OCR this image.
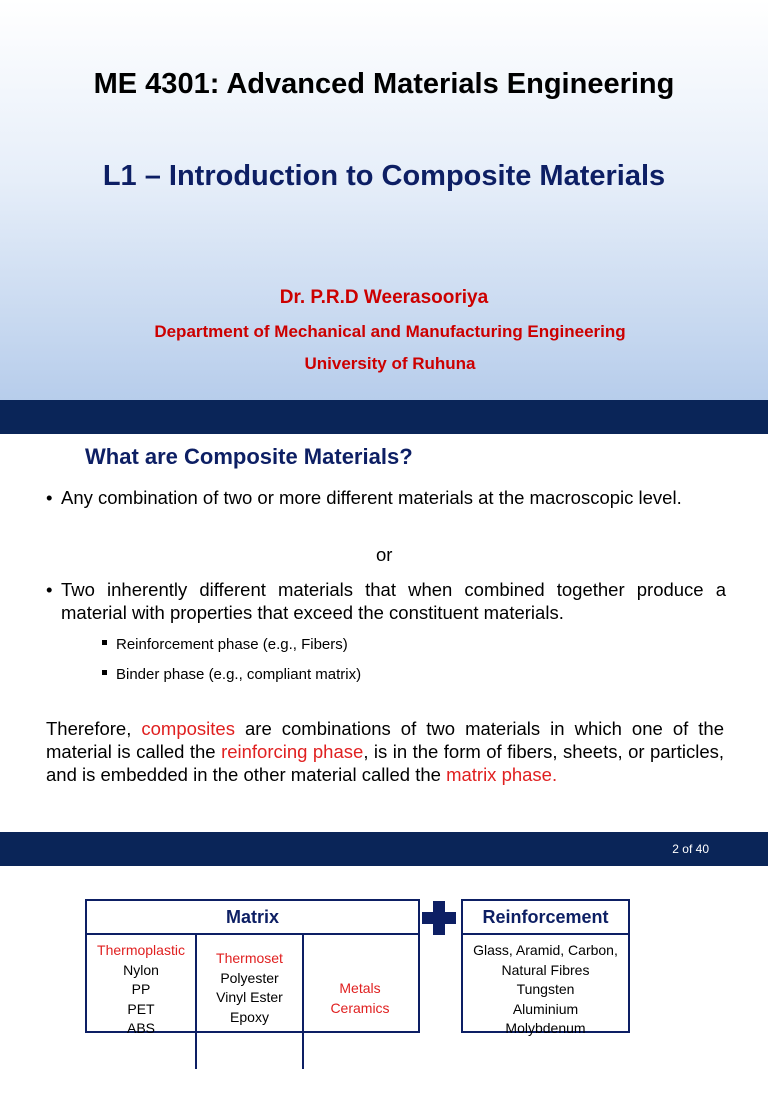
ME 4301: Advanced Materials Engineering
L1 – Introduction to Composite Materials
Dr. P.R.D Weerasooriya
Department of Mechanical and Manufacturing Engineering
University of Ruhuna
What are Composite Materials?
• Any combination of two or more different materials at the macroscopic level.
or
• Two inherently different materials that when combined together produce a material with properties that exceed the constituent materials.
Reinforcement phase (e.g., Fibers)
Binder phase (e.g., compliant matrix)
Therefore, composites are combinations of two materials in which one of the material is called the reinforcing phase, is in the form of fibers, sheets, or particles, and is embedded in the other material called the matrix phase.
2 of 40
Matrix
Thermoplastic
Nylon
PP
PET
ABS
Thermoset
Polyester
Vinyl Ester
Epoxy
Metals
Ceramics
Reinforcement
Glass, Aramid, Carbon,
Natural Fibres
Tungsten
Aluminium
Molybdenum
